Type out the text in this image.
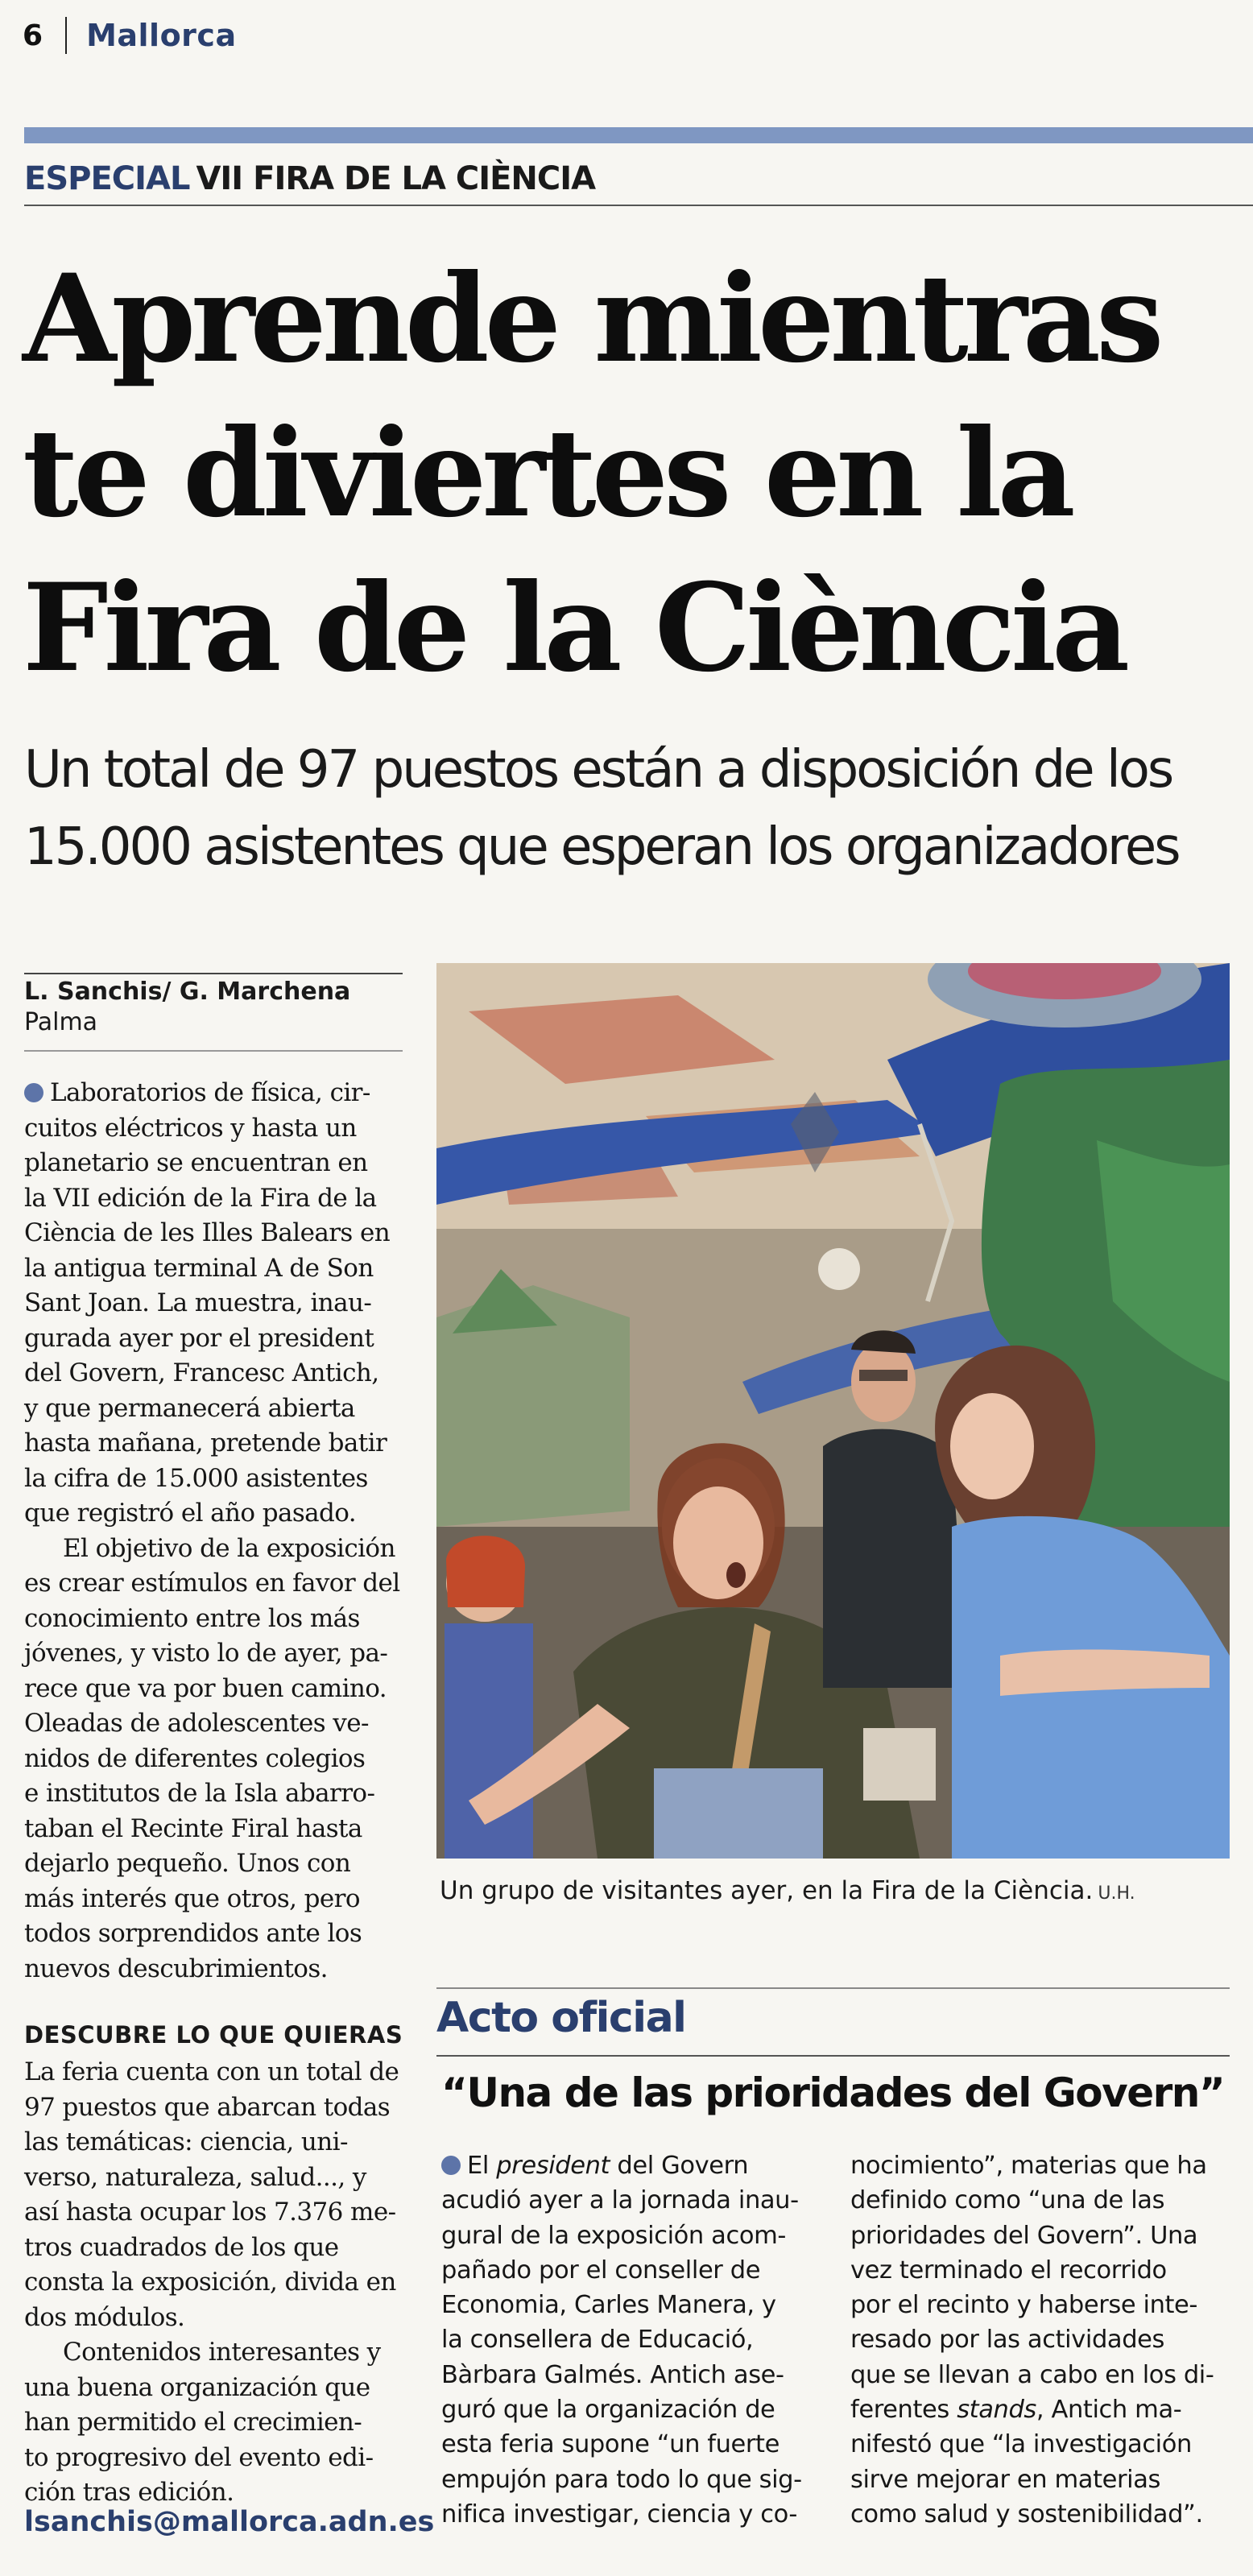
6 Mallorca
ESPECIAL VII FIRA DE LA CIÈNCIA
Aprende mientras
te diviertes en la
Fira de la Ciència
Un total de 97 puestos están a disposición de los
15.000 asistentes que esperan los organizadores
L. Sanchis/ G. Marchena
Palma

Laboratorios de física, cir-
cuitos eléctricos y hasta un
planetario se encuentran en
la VII edición de la Fira de la
Ciència de les Illes Balears en
la antigua terminal A de Son
Sant Joan. La muestra, inau-
gurada ayer por el president
del Govern, Francesc Antich,
y que permanecerá abierta
hasta mañana, pretende batir
la cifra de 15.000 asistentes
que registró el año pasado.

El objetivo de la exposición
es crear estímulos en favor del
conocimiento entre los más
jóvenes, y visto lo de ayer, pa-
rece que va por buen camino.
Oleadas de adolescentes ve-
nidos de diferentes colegios
e institutos de la Isla abarro-
taban el Recinte Firal hasta
dejarlo pequeño. Unos con
más interés que otros, pero
todos sorprendidos ante los
nuevos descubrimientos.

DESCUBRE LO QUE QUIERAS

La feria cuenta con un total de
97 puestos que abarcan todas
las temáticas: ciencia, uni-
verso, naturaleza, salud..., y
así hasta ocupar los 7.376 me-
tros cuadrados de los que
consta la exposición, divida en
dos módulos.

Contenidos interesantes y
una buena organización que
han permitido el crecimien-
to progresivo del evento edi-
ción tras edición.

lsanchis@mallorca.adn.es
Un grupo de visitantes ayer, en la Fira de la Ciència. U.H.
Acto oficial
“Una de las prioridades del Govern”

El president del Govern
acudió ayer a la jornada inau-
gural de la exposición acom-
pañado por el conseller de
Economia, Carles Manera, y
la consellera de Educació,
Bàrbara Galmés. Antich ase-
guró que la organización de
esta feria supone “un fuerte
empujón para todo lo que sig-
nifica investigar, ciencia y co-

nocimiento”, materias que ha
definido como “una de las
prioridades del Govern”. Una
vez terminado el recorrido
por el recinto y haberse inte-
resado por las actividades
que se llevan a cabo en los di-
ferentes stands, Antich ma-
nifestó que “la investigación
sirve mejorar en materias
como salud y sostenibilidad”.
